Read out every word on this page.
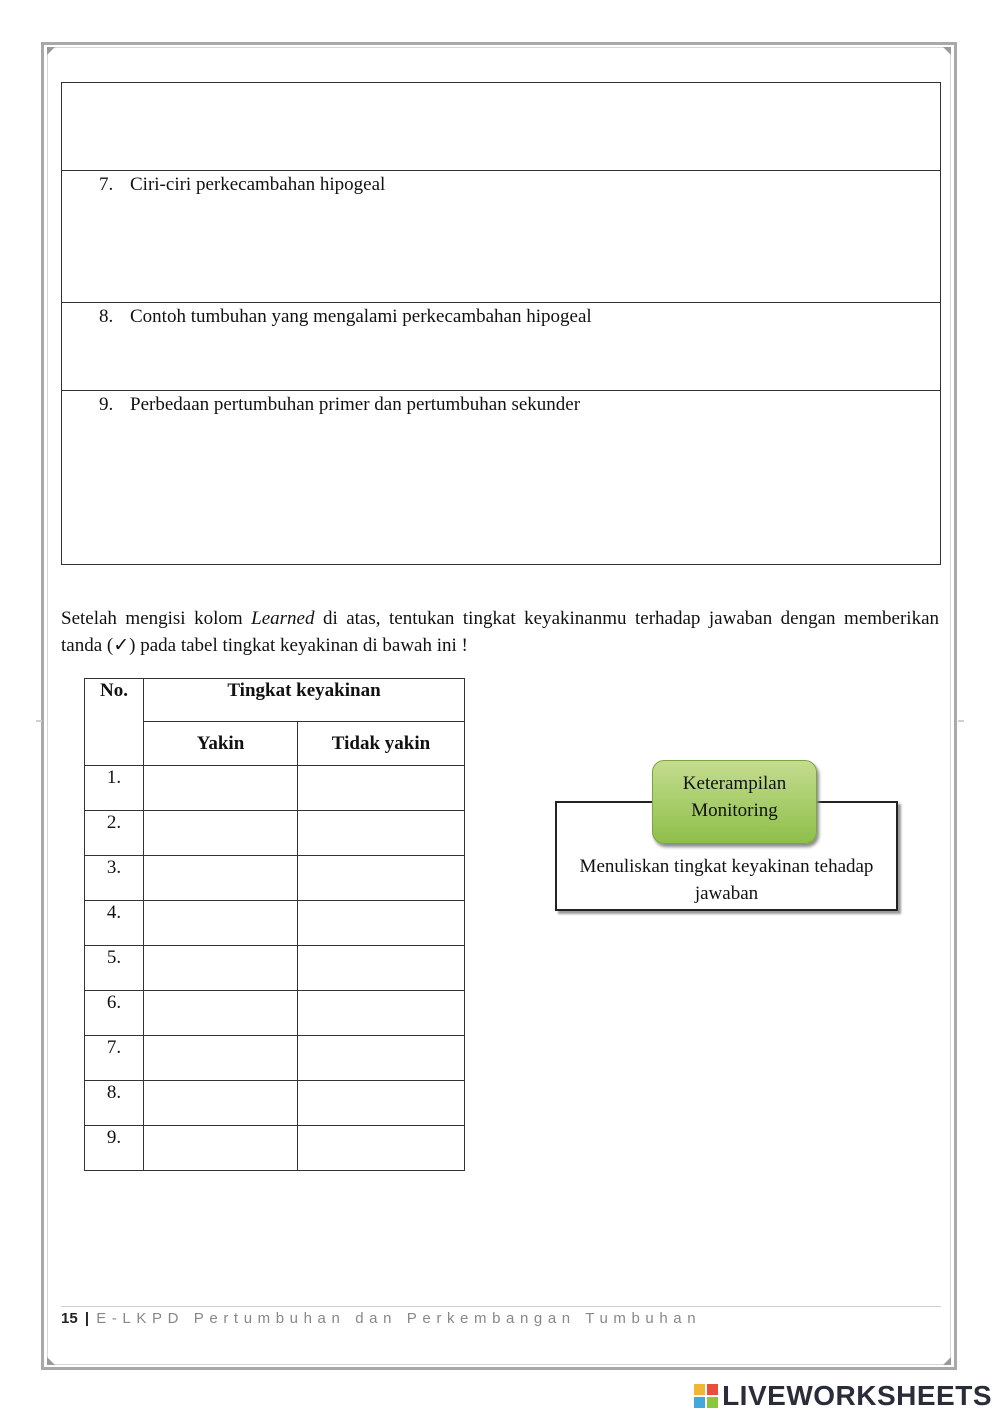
7. Ciri-ciri perkecambahan hipogeal

8. Contoh tumbuhan yang mengalami perkecambahan hipogeal

9. Perbedaan pertumbuhan primer dan pertumbuhan sekunder
Setelah mengisi kolom Learned di atas, tentukan tingkat keyakinanmu terhadap jawaban dengan memberikan tanda (✓) pada tabel tingkat keyakinan di bawah ini !
No.	Tingkat keyakinan	
	Yakin	Tidak yakin
1.		
2.		
3.		
4.		
5.		
6.		
7.		
8.		
9.		
Menuliskan tingkat keyakinan tehadap jawaban
Keterampilan Monitoring
15 | E-LKPD Pertumbuhan dan Perkembangan Tumbuhan
LIVEWORKSHEETS
